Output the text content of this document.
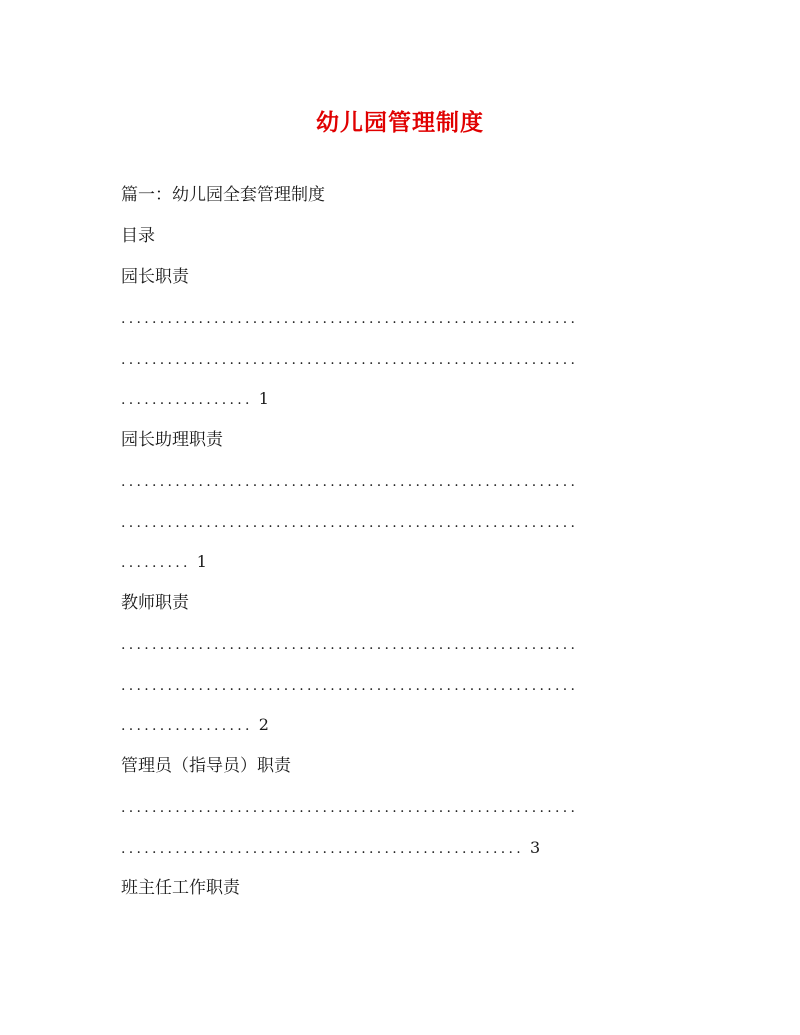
幼儿园管理制度
篇一：幼儿园全套管理制度
目录
园长职责
...........................................................
...........................................................
................. 1
园长助理职责
...........................................................
...........................................................
......... 1
教师职责
...........................................................
...........................................................
................. 2
管理员（指导员）职责
...........................................................
.................................................... 3
班主任工作职责
